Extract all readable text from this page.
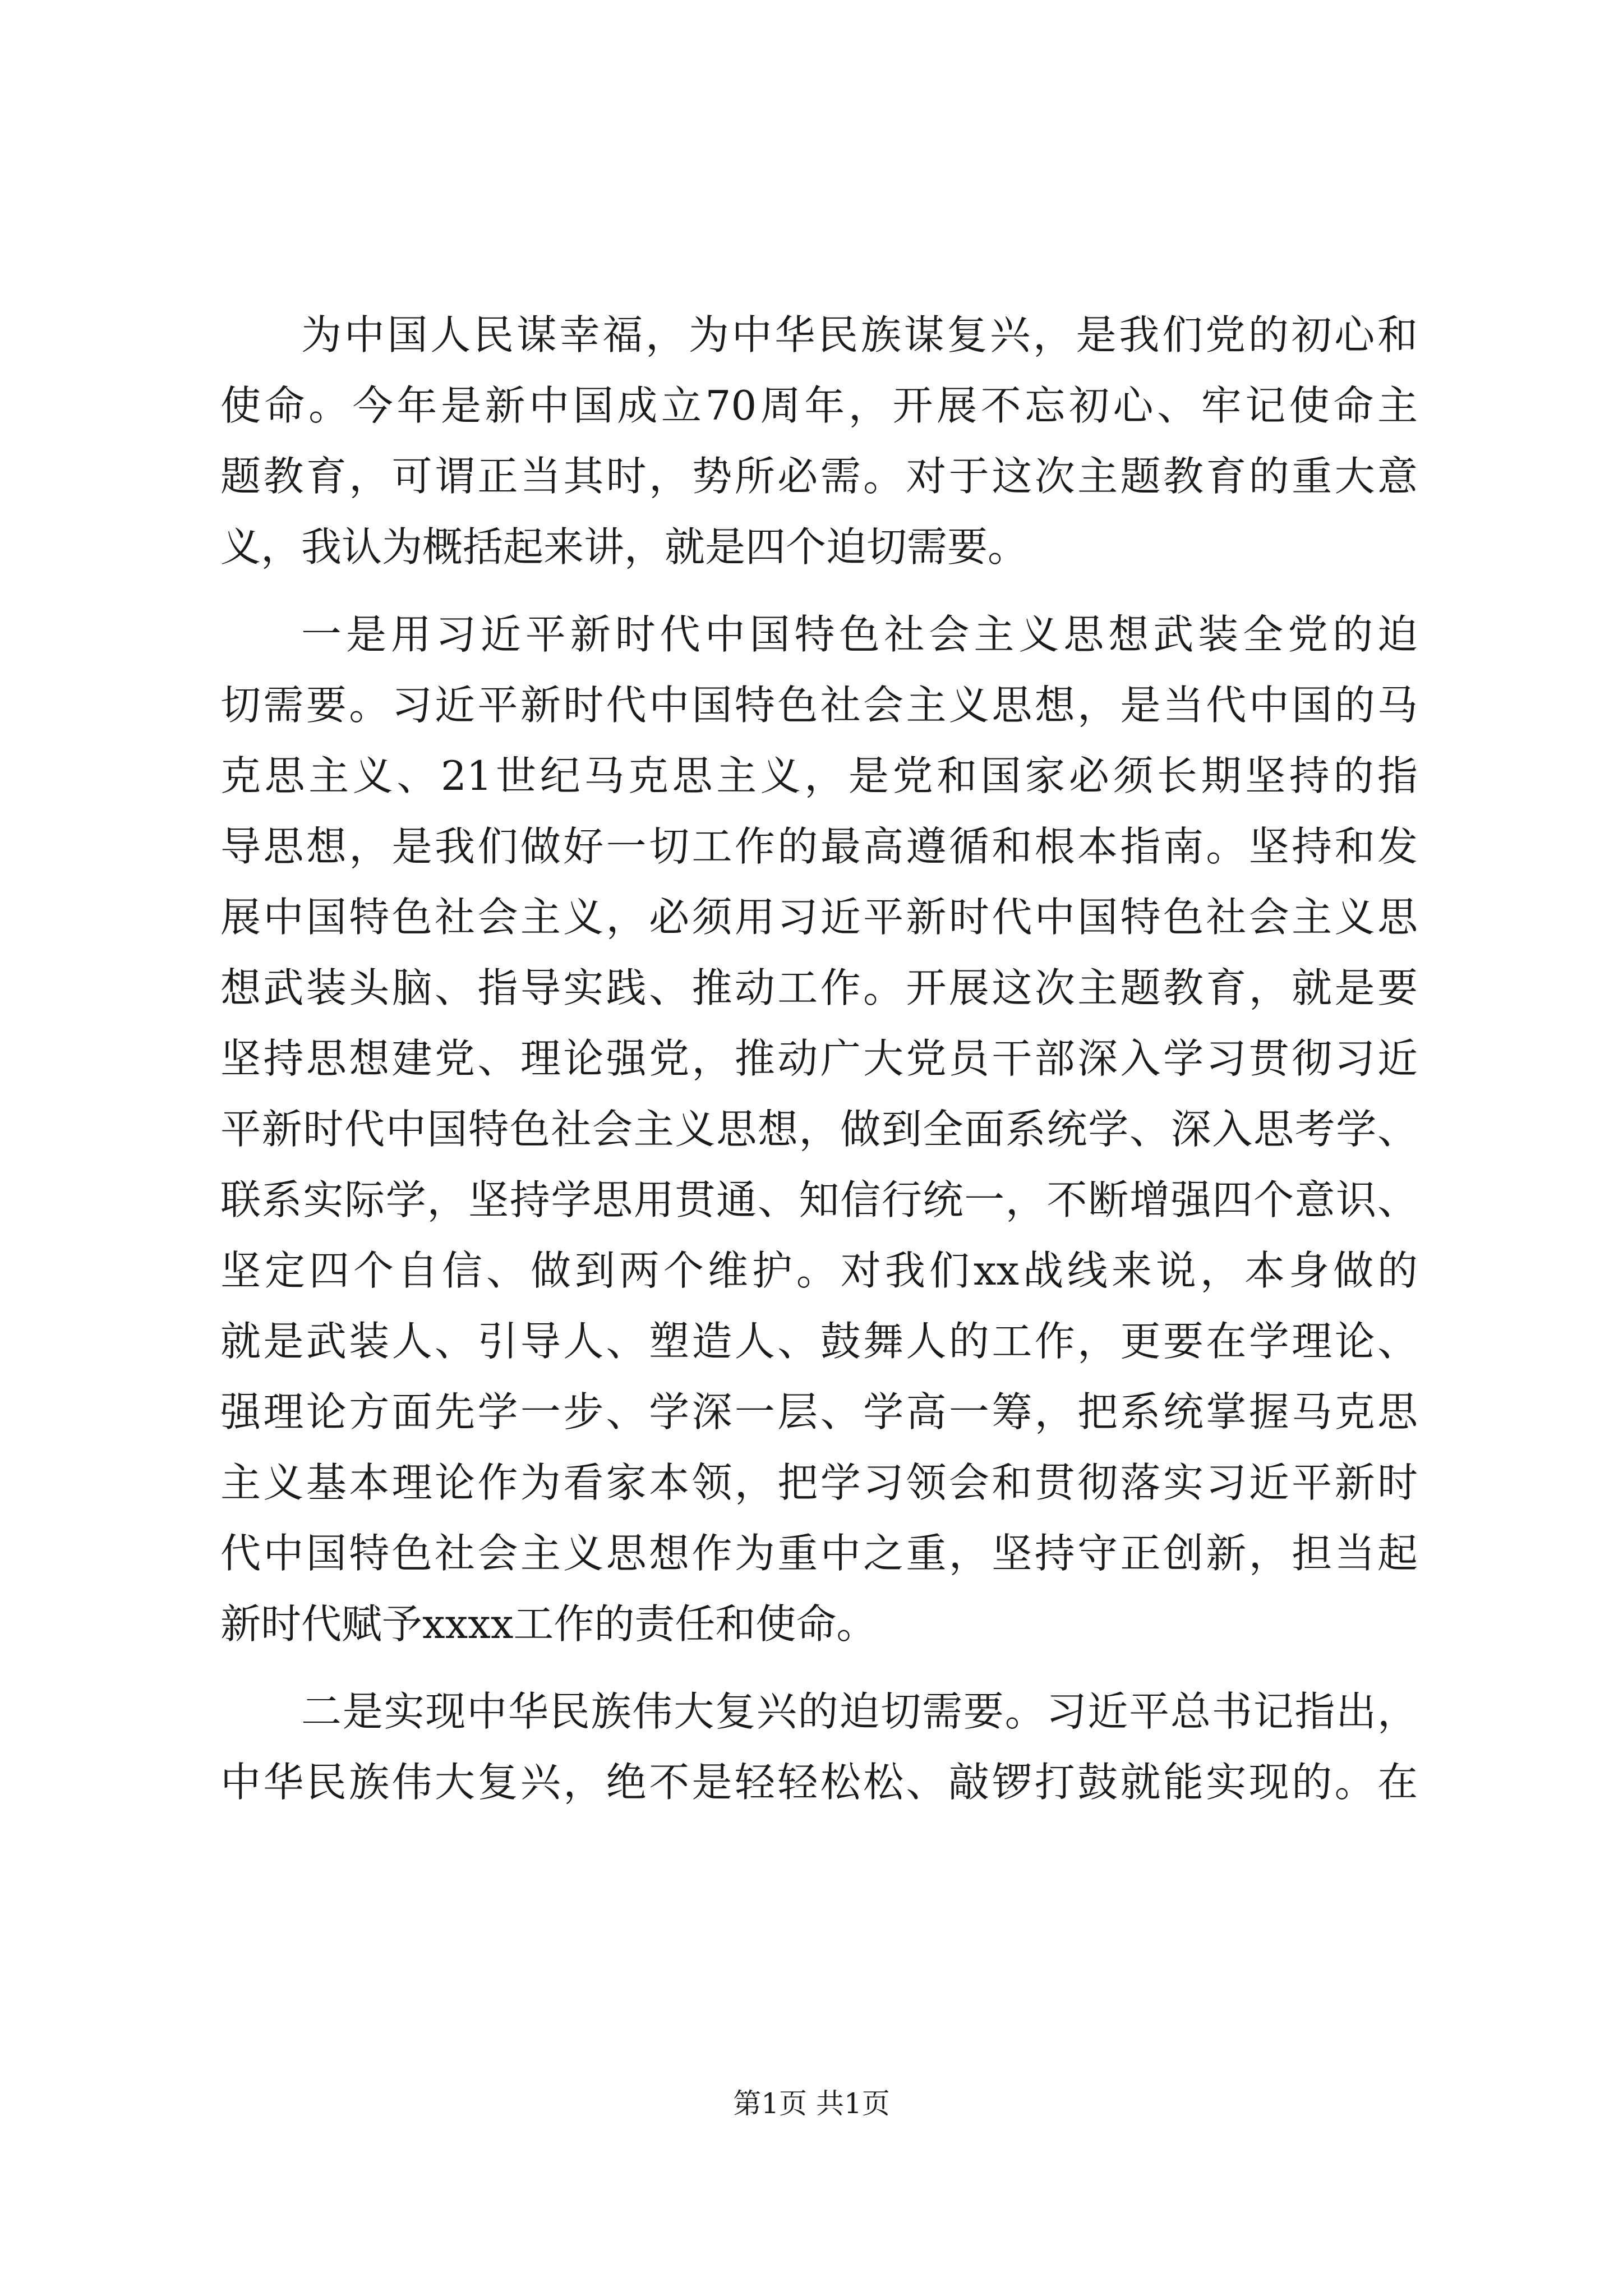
为中国人民谋幸福，为中华民族谋复兴，是我们党的初心和
使命。今年是新中国成立70周年，开展不忘初心、牢记使命主
题教育，可谓正当其时，势所必需。对于这次主题教育的重大意
义，我认为概括起来讲，就是四个迫切需要。
一是用习近平新时代中国特色社会主义思想武装全党的迫
切需要。习近平新时代中国特色社会主义思想，是当代中国的马
克思主义、21世纪马克思主义，是党和国家必须长期坚持的指
导思想，是我们做好一切工作的最高遵循和根本指南。坚持和发
展中国特色社会主义，必须用习近平新时代中国特色社会主义思
想武装头脑、指导实践、推动工作。开展这次主题教育，就是要
坚持思想建党、理论强党，推动广大党员干部深入学习贯彻习近
平新时代中国特色社会主义思想，做到全面系统学、深入思考学、
联系实际学，坚持学思用贯通、知信行统一，不断增强四个意识、
坚定四个自信、做到两个维护。对我们xx战线来说，本身做的
就是武装人、引导人、塑造人、鼓舞人的工作，更要在学理论、
强理论方面先学一步、学深一层、学高一筹，把系统掌握马克思
主义基本理论作为看家本领，把学习领会和贯彻落实习近平新时
代中国特色社会主义思想作为重中之重，坚持守正创新，担当起
新时代赋予xxxx工作的责任和使命。
二是实现中华民族伟大复兴的迫切需要。习近平总书记指出，
中华民族伟大复兴，绝不是轻轻松松、敲锣打鼓就能实现的。在
第1页 共1页
